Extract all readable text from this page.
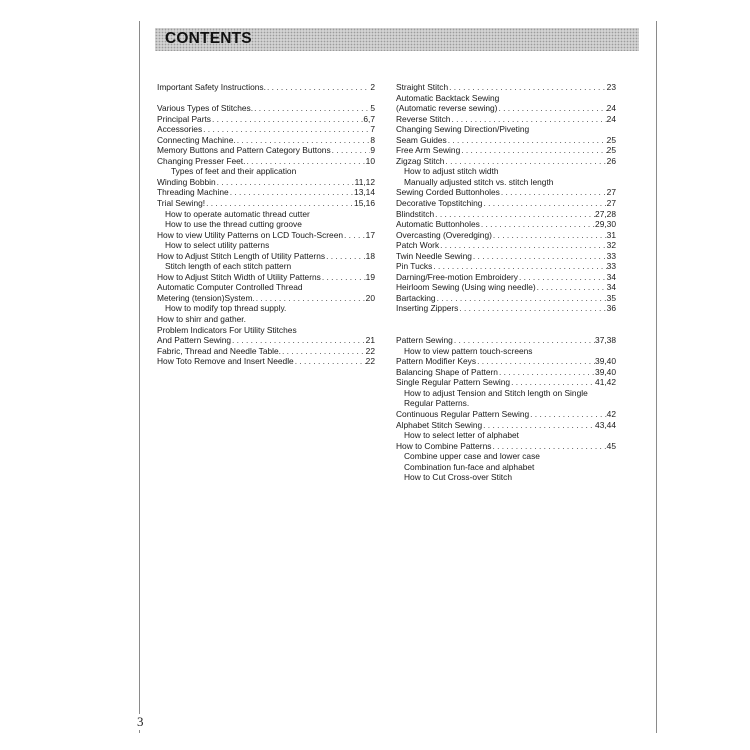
CONTENTS
Important Safety Instructions. . . .	2
Various Types of Stitches. . . .	5
Principal Parts . . .	6,7
Accessories . . .	7
Connecting Machine. . . .	8
Memory Buttons and Pattern Category Buttons . . .	9
Changing Presser Feet. . . .	10
Types of feet and their application
Winding Bobbin . . .	11,12
Threading Machine . . .	13,14
Trial Sewing! . . .	15,16
How to operate automatic thread cutter
How to use the thread cutting groove
How to view Utility Patterns on LCD Touch-Screen . . .	17
How to select utility patterns
How to Adjust Stitch Length of Utility Patterns . . .	18
Stitch length of each stitch pattern
How to Adjust Stitch Width of Utility Patterns . . .	19
Automatic Computer Controlled Thread
Metering (tension)System. . . .	20
How to modify top thread supply.
How to shirr and gather.
Problem Indicators For Utility Stitches
And Pattern Sewing . . .	21
Fabric, Thread and Needle Table. . . .	22
How Toto Remove and Insert Needle . . .	22
Straight Stitch . . .	23
Automatic Backtack Sewing
(Automatic reverse sewing) . . .	24
Reverse Stitch . . .	24
Changing Sewing Direction/Piveting
Seam Guides . . .	25
Free Arm Sewing . . .	25
Zigzag Stitch . . .	26
How to adjust stitch width
Manually adjusted stitch vs. stitch length
Sewing Corded Buttonholes . . .	27
Decorative Topstitching . . .	27
Blindstitch . . .	27,28
Automatic Buttonholes . . .	29,30
Overcasting (Overedging) . . .	31
Patch Work . . .	32
Twin Needle Sewing . . .	33
Pin Tucks . . .	33
Darning/Free-motion Embroidery . . .	34
Heirloom Sewing (Using wing needle) . . .	34
Bartacking . . .	35
Inserting Zippers . . .	36
Pattern Sewing . . .	37,38
How to view pattern touch-screens
Pattern Modifier Keys . . .	39,40
Balancing Shape of Pattern . . .	39,40
Single Regular Pattern Sewing . . .	41,42
How to adjust Tension and Stitch length on Single
Regular Patterns.
Continuous Regular Pattern Sewing . . .	42
Alphabet Stitch Sewing . . .	43,44
How to select letter of alphabet
How to Combine Patterns . . .	45
Combine upper case and lower case
Combination fun-face and alphabet
How to Cut Cross-over Stitch
3
